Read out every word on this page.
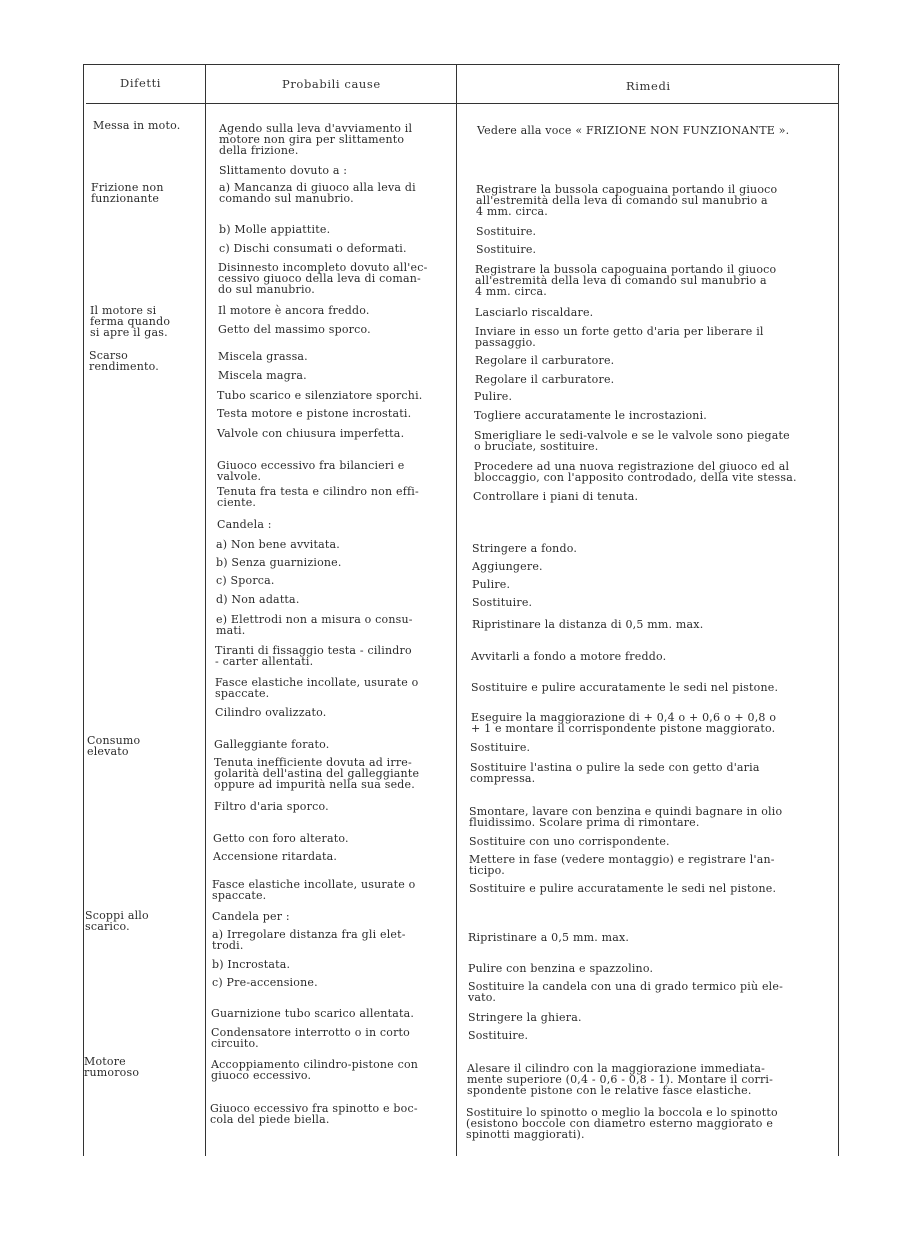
Difetti	Probabili cause	Rimedi
Messa in moto.
Frizione non
funzionante
Il motore si
ferma quando
si apre il gas.
Scarso
rendimento.
Consumo
elevato
Scoppi allo
scarico.
Motore
rumoroso
Agendo sulla leva d'avviamento il
motore non gira per slittamento
della frizione.
Slittamento dovuto a :
a) Mancanza di giuoco alla leva di
comando sul manubrio.
b) Molle appiattite.
c) Dischi consumati o deformati.
Disinnesto incompleto dovuto all'ec-
cessivo giuoco della leva di coman-
do sul manubrio.
Il motore è ancora freddo.
Getto del massimo sporco.
Miscela grassa.
Miscela magra.
Tubo scarico e silenziatore sporchi.
Testa motore e pistone incrostati.
Valvole con chiusura imperfetta.
Giuoco eccessivo fra bilancieri e
valvole.
Tenuta fra testa e cilindro non effi-
ciente.
Candela :
a) Non bene avvitata.
b) Senza guarnizione.
c) Sporca.
d) Non adatta.
e) Elettrodi non a misura o consu-
mati.
Tiranti di fissaggio testa - cilindro
- carter allentati.
Fasce elastiche incollate, usurate o
spaccate.
Cilindro ovalizzato.
Galleggiante forato.
Tenuta inefficiente dovuta ad irre-
golarità dell'astina del galleggiante
oppure ad impurità nella sua sede.
Filtro d'aria sporco.
Getto con foro alterato.
Accensione ritardata.
Fasce elastiche incollate, usurate o
spaccate.
Candela per :
a) Irregolare distanza fra gli elet-
trodi.
b) Incrostata.
c) Pre-accensione.
Guarnizione tubo scarico allentata.
Condensatore interrotto o in corto
circuito.
Accoppiamento cilindro-pistone con
giuoco eccessivo.
Giuoco eccessivo fra spinotto e boc-
cola del piede biella.
Vedere alla voce « FRIZIONE NON FUNZIONANTE ».
Registrare la bussola capoguaina portando il giuoco
all'estremità della leva di comando sul manubrio a
4 mm. circa.
Sostituire.
Sostituire.
Registrare la bussola capoguaina portando il giuoco
all'estremità della leva di comando sul manubrio a
4 mm. circa.
Lasciarlo riscaldare.
Inviare in esso un forte getto d'aria per liberare il
passaggio.
Regolare il carburatore.
Regolare il carburatore.
Pulire.
Togliere accuratamente le incrostazioni.
Smerigliare le sedi-valvole e se le valvole sono piegate
o bruciate, sostituire.
Procedere ad una nuova registrazione del giuoco ed al
bloccaggio, con l'apposito controdado, della vite stessa.
Controllare i piani di tenuta.
Stringere a fondo.
Aggiungere.
Pulire.
Sostituire.
Ripristinare la distanza di 0,5 mm. max.
Avvitarli a fondo a motore freddo.
Sostituire e pulire accuratamente le sedi nel pistone.
Eseguire la maggiorazione di + 0,4 o + 0,6 o + 0,8 o
+ 1 e montare il corrispondente pistone maggiorato.
Sostituire.
Sostituire l'astina o pulire la sede con getto d'aria
compressa.
Smontare, lavare con benzina e quindi bagnare in olio
fluidissimo. Scolare prima di rimontare.
Sostituire con uno corrispondente.
Mettere in fase (vedere montaggio) e registrare l'an-
ticipo.
Sostituire e pulire accuratamente le sedi nel pistone.
Ripristinare a 0,5 mm. max.
Pulire con benzina e spazzolino.
Sostituire la candela con una di grado termico più ele-
vato.
Stringere la ghiera.
Sostituire.
Alesare il cilindro con la maggiorazione immediata-
mente superiore (0,4 - 0,6 - 0,8 - 1). Montare il corri-
spondente pistone con le relative fasce elastiche.
Sostituire lo spinotto o meglio la boccola e lo spinotto
(esistono boccole con diametro esterno maggiorato e
spinotti maggiorati).
